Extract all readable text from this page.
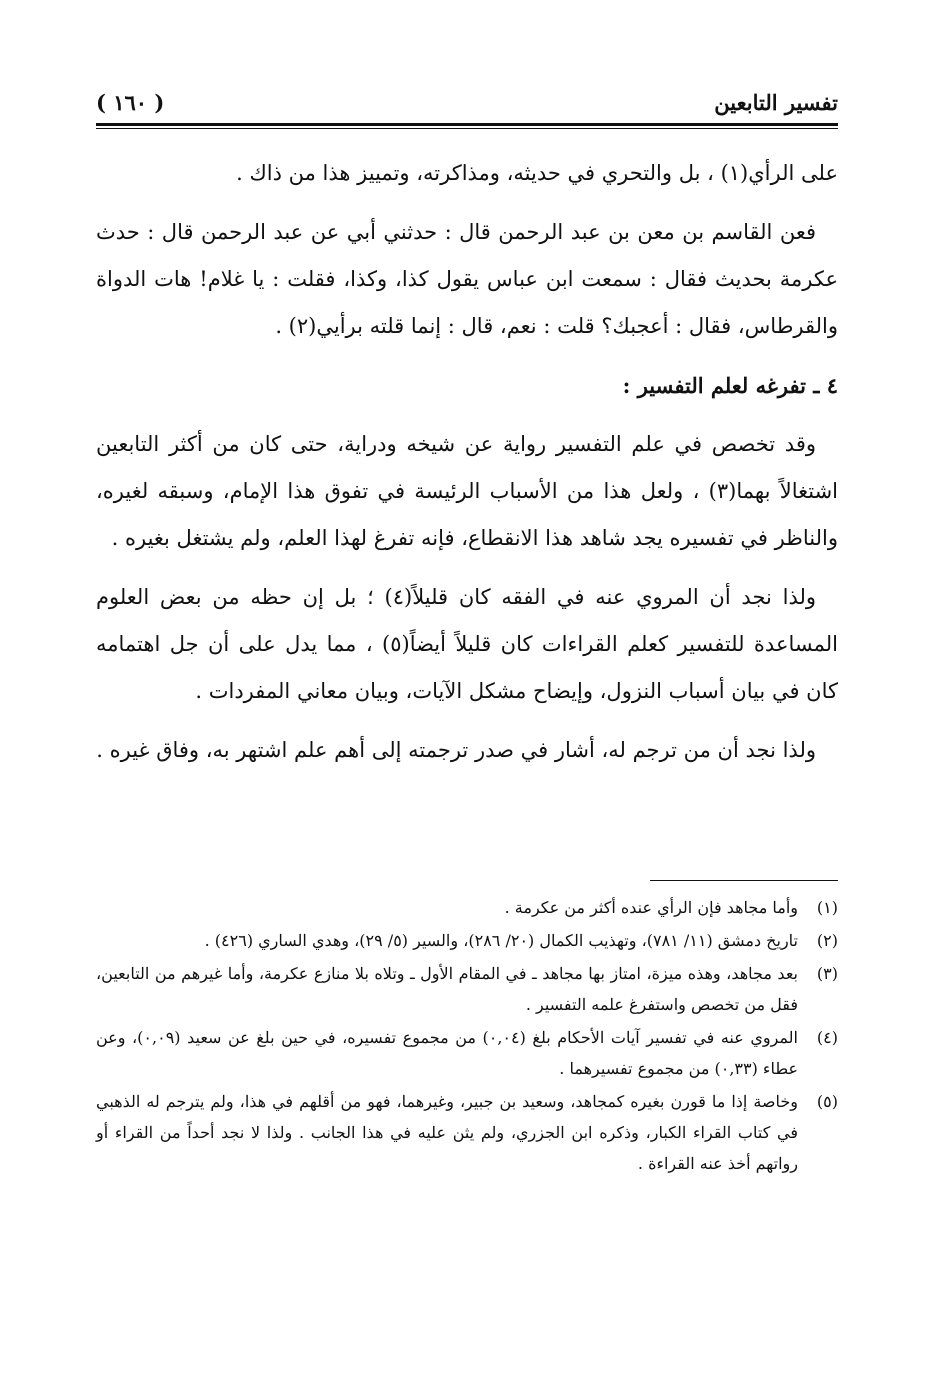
تفسير التابعين
( ١٦٠ )

على الرأي(١) ، بل والتحري في حديثه، ومذاكرته، وتمييز هذا من ذاك .

فعن القاسم بن معن بن عبد الرحمن قال : حدثني أبي عن عبد الرحمن قال : حدث عكرمة بحديث فقال : سمعت ابن عباس يقول كذا، وكذا، فقلت : يا غلام! هات الدواة والقرطاس، فقال : أعجبك؟ قلت : نعم، قال : إنما قلته برأيي(٢) .

٤ ـ تفرغه لعلم التفسير :

وقد تخصص في علم التفسير رواية عن شيخه ودراية، حتى كان من أكثر التابعين اشتغالاً بهما(٣) ، ولعل هذا من الأسباب الرئيسة في تفوق هذا الإمام، وسبقه لغيره، والناظر في تفسيره يجد شاهد هذا الانقطاع، فإنه تفرغ لهذا العلم، ولم يشتغل بغيره .

ولذا نجد أن المروي عنه في الفقه كان قليلاً(٤) ؛ بل إن حظه من بعض العلوم المساعدة للتفسير كعلم القراءات كان قليلاً أيضاً(٥) ، مما يدل على أن جل اهتمامه كان في بيان أسباب النزول، وإيضاح مشكل الآيات، وبيان معاني المفردات .

ولذا نجد أن من ترجم له، أشار في صدر ترجمته إلى أهم علم اشتهر به، وفاق غيره .

(١)
وأما مجاهد فإن الرأي عنده أكثر من عكرمة .
(٢)
تاريخ دمشق (١١/ ٧٨١)، وتهذيب الكمال (٢٠/ ٢٨٦)، والسير (٥/ ٢٩)، وهدي الساري (٤٢٦) .
(٣)
بعد مجاهد، وهذه ميزة، امتاز بها مجاهد ـ في المقام الأول ـ وتلاه بلا منازع عكرمة، وأما غيرهم من التابعين، فقل من تخصص واستفرغ علمه التفسير .
(٤)
المروي عنه في تفسير آيات الأحكام بلغ (٠,٠٤) من مجموع تفسيره، في حين بلغ عن سعيد (٠,٠٩)، وعن عطاء (٠,٣٣) من مجموع تفسيرهما .
(٥)
وخاصة إذا ما قورن بغيره كمجاهد، وسعيد بن جبير، وغيرهما، فهو من أقلهم في هذا، ولم يترجم له الذهبي في كتاب القراء الكبار، وذكره ابن الجزري، ولم يثن عليه في هذا الجانب . ولذا لا نجد أحداً من القراء أو رواتهم أخذ عنه القراءة .
